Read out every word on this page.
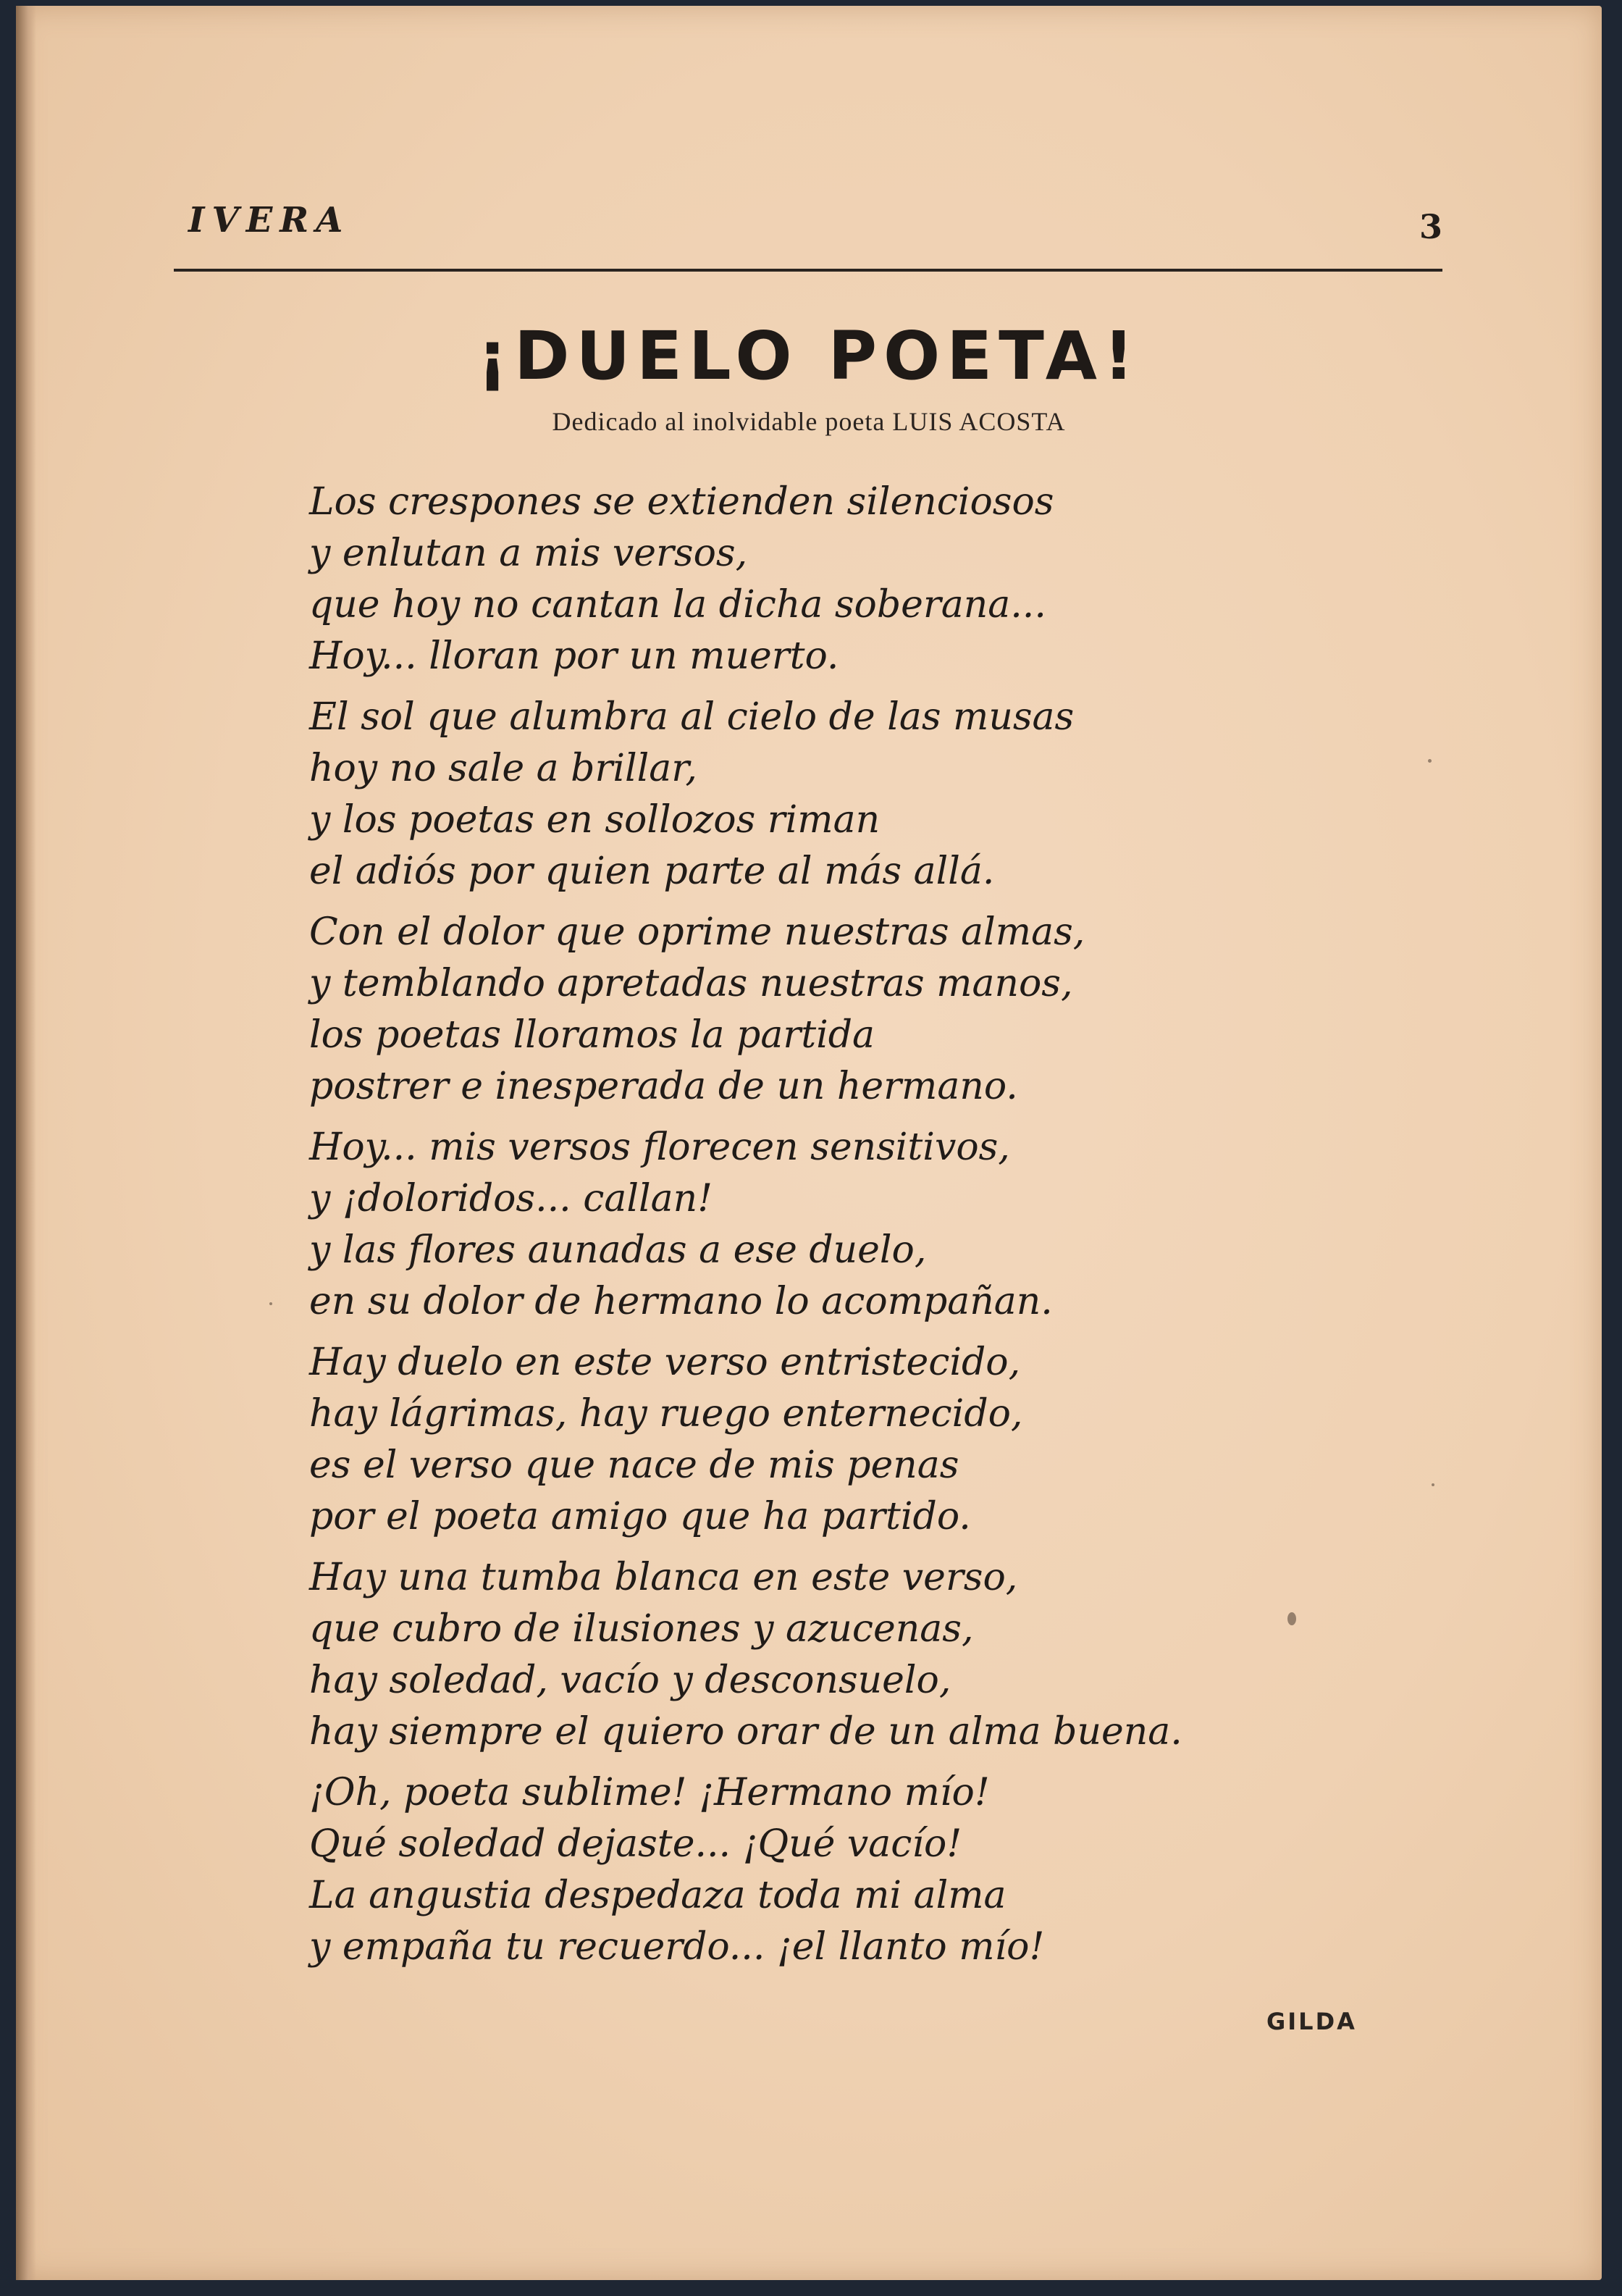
IVERA	3
¡DUELO POETA!
Dedicado al inolvidable poeta LUIS ACOSTA
Los crespones se extienden silenciosos
y enlutan a mis versos,
que hoy no cantan la dicha soberana...
Hoy... lloran por un muerto.
El sol que alumbra al cielo de las musas
hoy no sale a brillar,
y los poetas en sollozos riman
el adiós por quien parte al más allá.
Con el dolor que oprime nuestras almas,
y temblando apretadas nuestras manos,
los poetas lloramos la partida
postrer e inesperada de un hermano.
Hoy... mis versos florecen sensitivos,
y ¡doloridos... callan!
y las flores aunadas a ese duelo,
en su dolor de hermano lo acompañan.
Hay duelo en este verso entristecido,
hay lágrimas, hay ruego enternecido,
es el verso que nace de mis penas
por el poeta amigo que ha partido.
Hay una tumba blanca en este verso,
que cubro de ilusiones y azucenas,
hay soledad, vacío y desconsuelo,
hay siempre el quiero orar de un alma buena.
¡Oh, poeta sublime! ¡Hermano mío!
Qué soledad dejaste... ¡Qué vacío!
La angustia despedaza toda mi alma
y empaña tu recuerdo... ¡el llanto mío!
GILDA
